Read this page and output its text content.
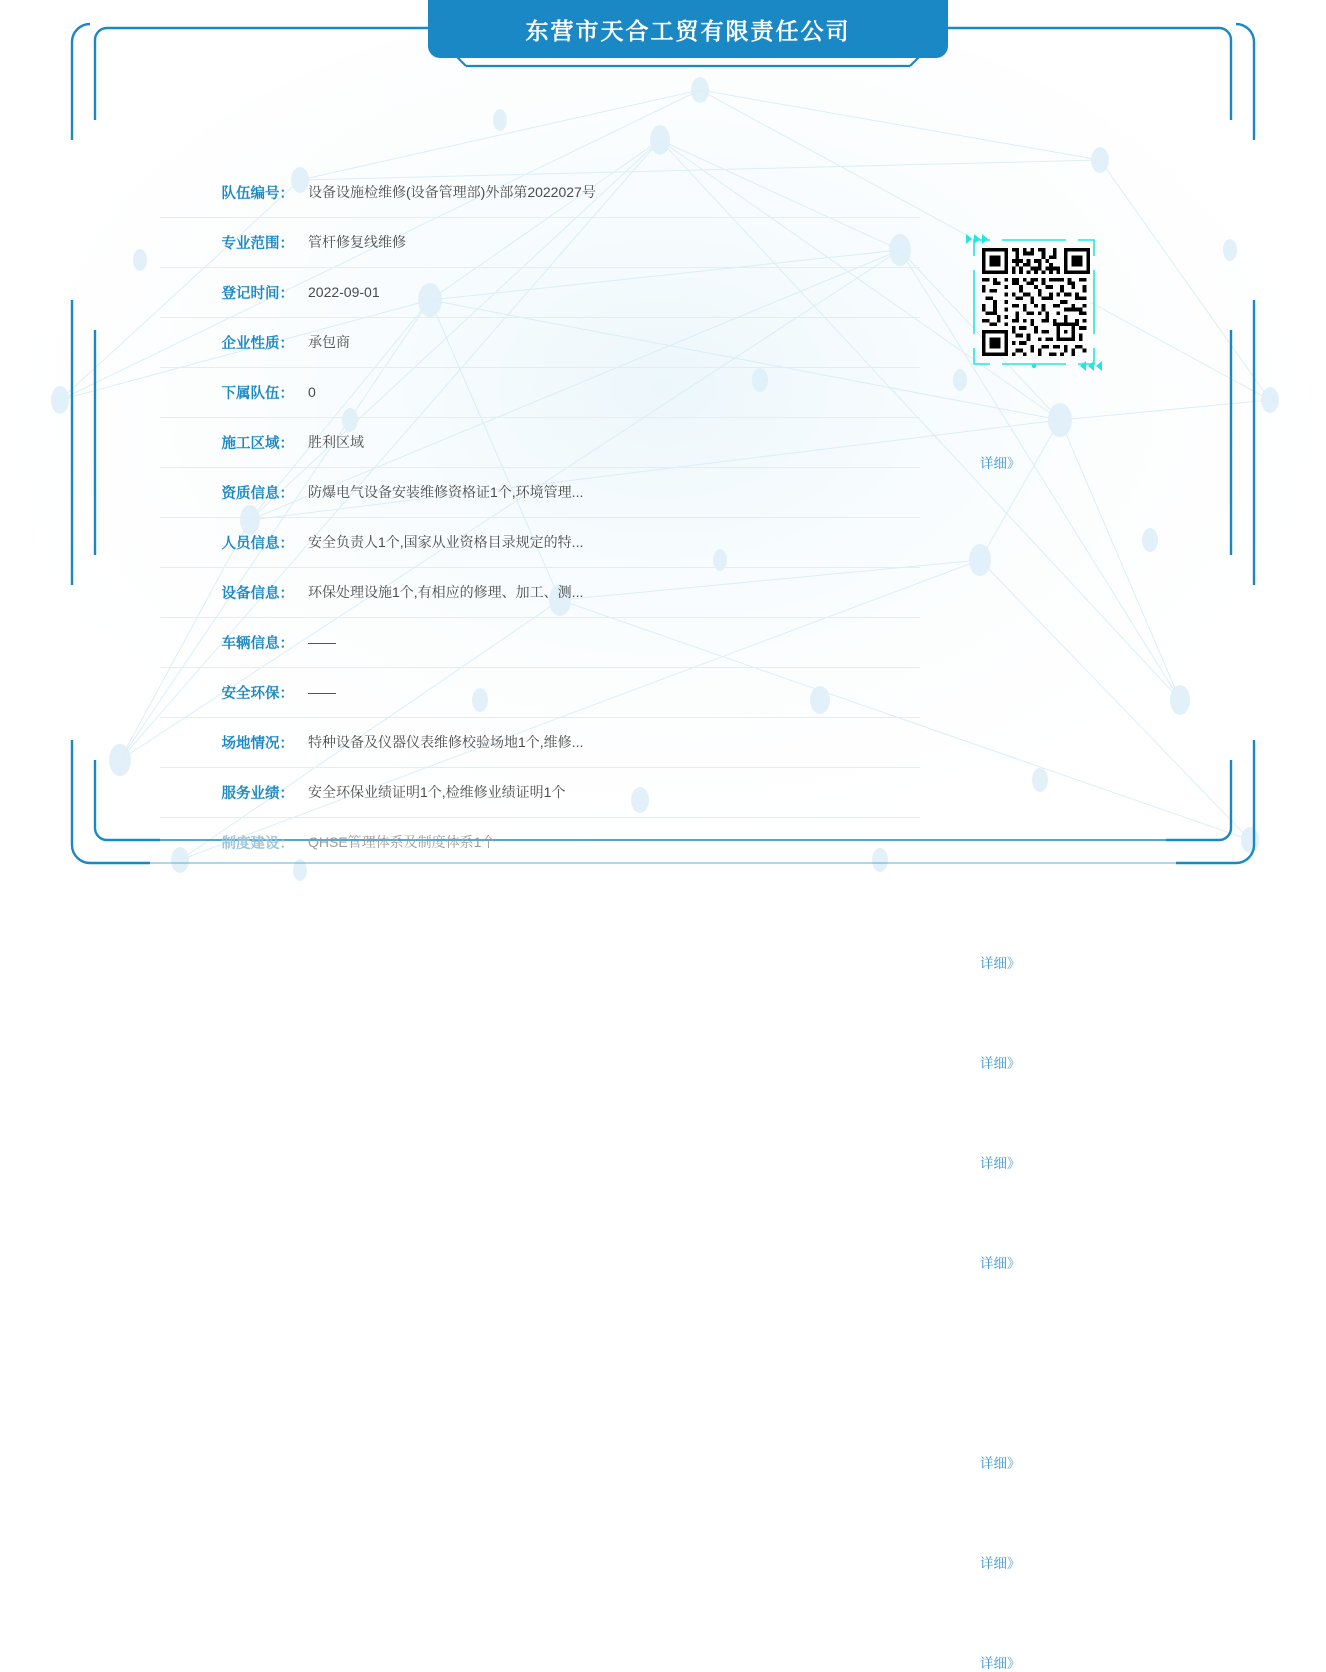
东营市天合工贸有限责任公司
队伍编号：	设备设施检维修(设备管理部)外部第2022027号
专业范围：	管杆修复线维修
详细》
登记时间：	2022-09-01
企业性质：	承包商
下属队伍：	0
施工区域：	胜利区域
资质信息：	防爆电气设备安装维修资格证1个,环境管理...
详细》
人员信息：	安全负责人1个,国家从业资格目录规定的特...
详细》
设备信息：	环保处理设施1个,有相应的修理、加工、测...
详细》
车辆信息：	——
详细》
安全环保：	——
场地情况：	特种设备及仪器仪表维修校验场地1个,维修...
详细》
服务业绩：	安全环保业绩证明1个,检维修业绩证明1个
详细》
制度建设：	QHSE管理体系及制度体系1个
详细》
